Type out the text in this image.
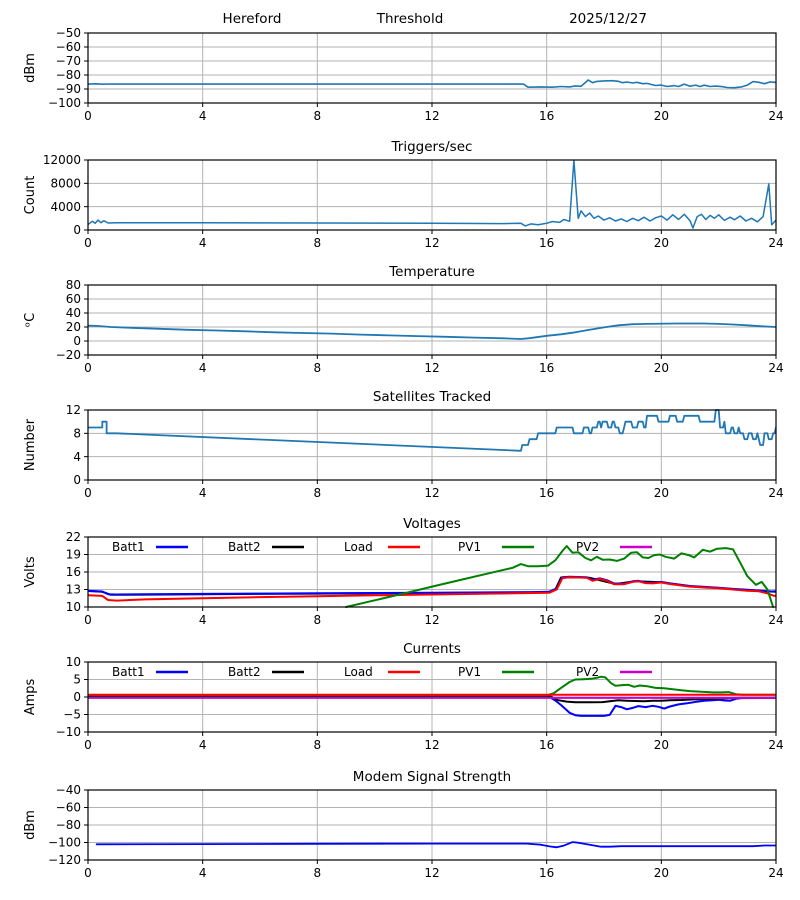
Hereford	Threshold	2025/12/27
−100
−90
−80
−70
−60
−50
0	4	8	12	16	20	24
dBm
Triggers/sec
0
4000
8000
12000
0	4	8	12	16	20	24
Count
Temperature
−20
0
20
40
60
80
0	4	8	12	16	20	24
ᵒC
Satellites Tracked
0
4
8
12
0	4	8	12	16	20	24
Number
Voltages
10
13
16
19
22
0	4	8	12	16	20	24
Batt1	Batt2	Load	PV1	PV2
Volts
Currents
−10
−5
0
5
10
0	4	8	12	16	20	24
Batt1	Batt2	Load	PV1	PV2
Amps
Modem Signal Strength
−120
−100
−80
−60
−40
0	4	8	12	16	20	24
dBm
